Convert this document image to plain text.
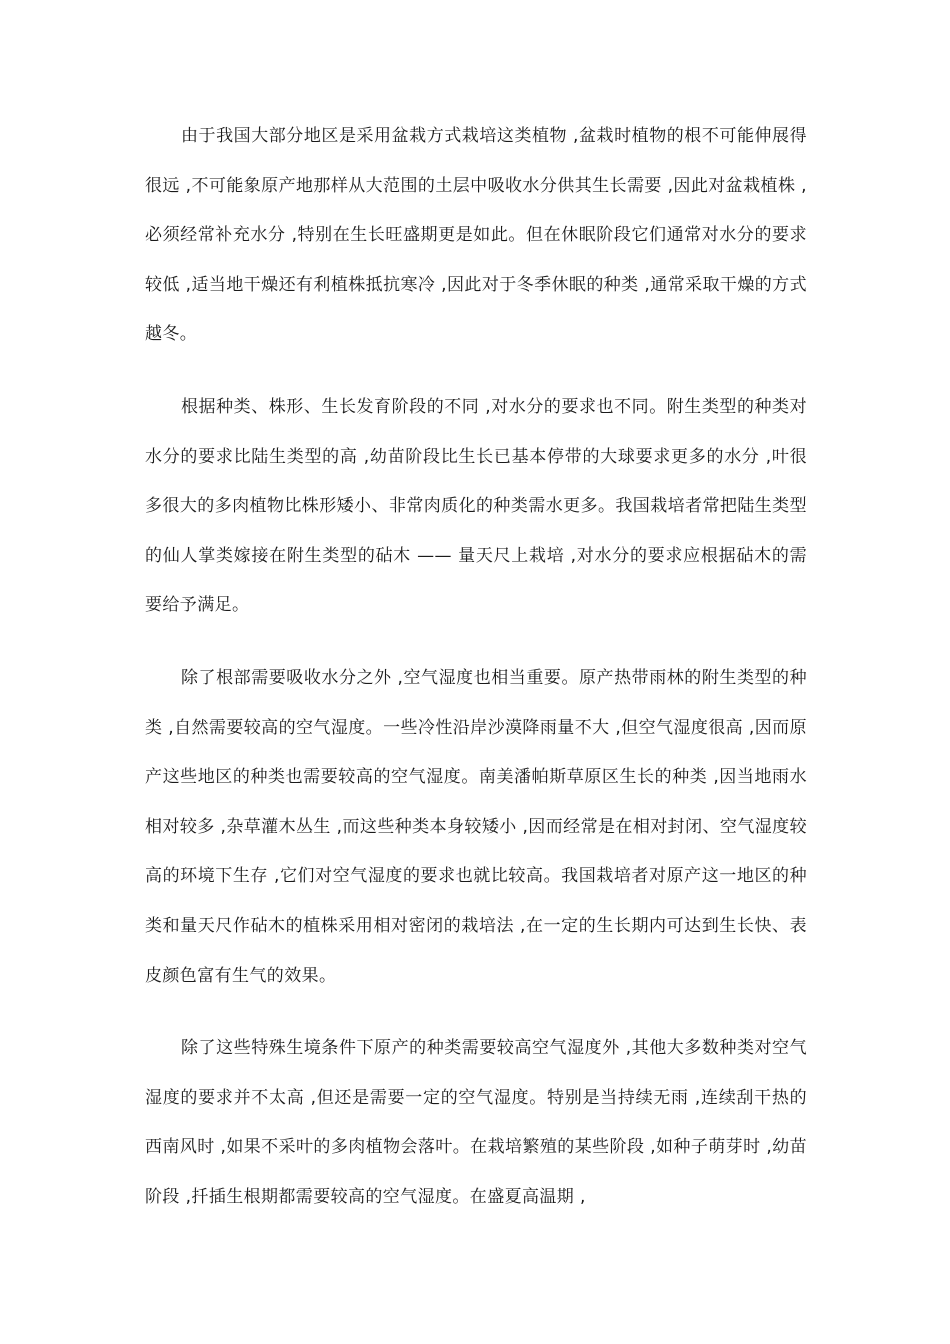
由于我国大部分地区是采用盆栽方式栽培这类植物 ,盆栽时植物的根不可能伸展得很远 ,不可能象原产地那样从大范围的土层中吸收水分供其生长需要 ,因此对盆栽植株 ,必须经常补充水分 ,特别在生长旺盛期更是如此。但在休眠阶段它们通常对水分的要求较低 ,适当地干燥还有利植株抵抗寒冷 ,因此对于冬季休眠的种类 ,通常采取干燥的方式越冬。

根据种类、株形、生长发育阶段的不同 ,对水分的要求也不同。附生类型的种类对水分的要求比陆生类型的高 ,幼苗阶段比生长已基本停带的大球要求更多的水分 ,叶很多很大的多肉植物比株形矮小、非常肉质化的种类需水更多。我国栽培者常把陆生类型的仙人掌类嫁接在附生类型的砧木 —— 量天尺上栽培 ,对水分的要求应根据砧木的需要给予满足。

除了根部需要吸收水分之外 ,空气湿度也相当重要。原产热带雨林的附生类型的种类 ,自然需要较高的空气湿度。一些冷性沿岸沙漠降雨量不大 ,但空气湿度很高 ,因而原产这些地区的种类也需要较高的空气湿度。南美潘帕斯草原区生长的种类 ,因当地雨水相对较多 ,杂草灌木丛生 ,而这些种类本身较矮小 ,因而经常是在相对封闭、空气湿度较高的环境下生存 ,它们对空气湿度的要求也就比较高。我国栽培者对原产这一地区的种类和量天尺作砧木的植株采用相对密闭的栽培法 ,在一定的生长期内可达到生长快、表皮颜色富有生气的效果。

除了这些特殊生境条件下原产的种类需要较高空气湿度外 ,其他大多数种类对空气湿度的要求并不太高 ,但还是需要一定的空气湿度。特别是当持续无雨 ,连续刮干热的西南风时 ,如果不采叶的多肉植物会落叶。在栽培繁殖的某些阶段 ,如种子萌芽时 ,幼苗阶段 ,扦插生根期都需要较高的空气湿度。在盛夏高温期 ,
